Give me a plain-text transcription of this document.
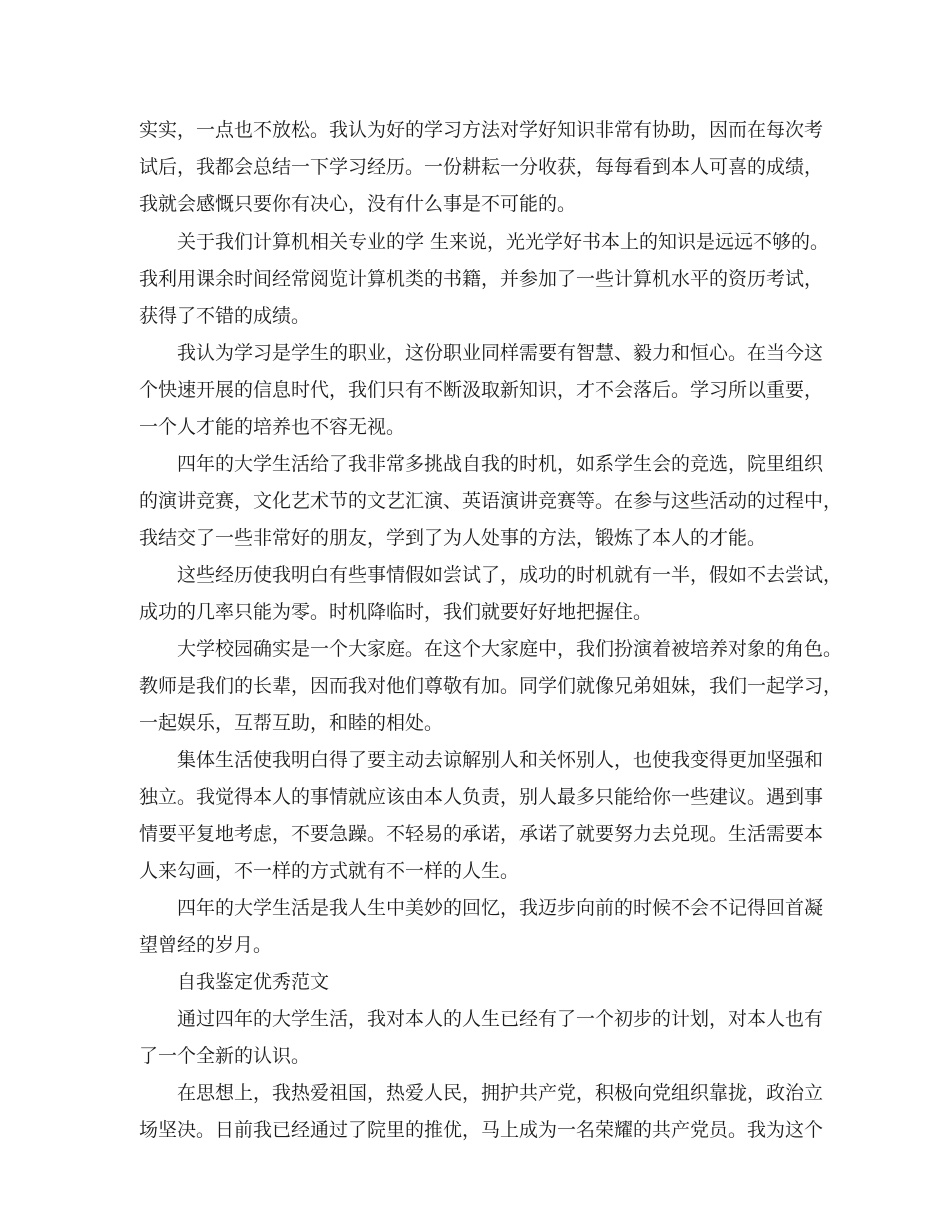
实实，一点也不放松。我认为好的学习方法对学好知识非常有协助，因而在每次考
试后，我都会总结一下学习经历。一份耕耘一分收获，每每看到本人可喜的成绩，
我就会感慨只要你有决心，没有什么事是不可能的。
关于我们计算机相关专业的学 生来说，光光学好书本上的知识是远远不够的。
我利用课余时间经常阅览计算机类的书籍，并参加了一些计算机水平的资历考试，
获得了不错的成绩。
我认为学习是学生的职业，这份职业同样需要有智慧、毅力和恒心。在当今这
个快速开展的信息时代，我们只有不断汲取新知识，才不会落后。学习所以重要，
一个人才能的培养也不容无视。
四年的大学生活给了我非常多挑战自我的时机，如系学生会的竞选，院里组织
的演讲竞赛，文化艺术节的文艺汇演、英语演讲竞赛等。在参与这些活动的过程中，
我结交了一些非常好的朋友，学到了为人处事的方法，锻炼了本人的才能。
这些经历使我明白有些事情假如尝试了，成功的时机就有一半，假如不去尝试，
成功的几率只能为零。时机降临时，我们就要好好地把握住。
大学校园确实是一个大家庭。在这个大家庭中，我们扮演着被培养对象的角色。
教师是我们的长辈，因而我对他们尊敬有加。同学们就像兄弟姐妹，我们一起学习，
一起娱乐，互帮互助，和睦的相处。
集体生活使我明白得了要主动去谅解别人和关怀别人，也使我变得更加坚强和
独立。我觉得本人的事情就应该由本人负责，别人最多只能给你一些建议。遇到事
情要平复地考虑，不要急躁。不轻易的承诺，承诺了就要努力去兑现。生活需要本
人来勾画，不一样的方式就有不一样的人生。
四年的大学生活是我人生中美妙的回忆，我迈步向前的时候不会不记得回首凝
望曾经的岁月。
自我鉴定优秀范文
通过四年的大学生活，我对本人的人生已经有了一个初步的计划，对本人也有
了一个全新的认识。
在思想上，我热爱祖国，热爱人民，拥护共产党，积极向党组织靠拢，政治立
场坚决。日前我已经通过了院里的推优，马上成为一名荣耀的共产党员。我为这个
